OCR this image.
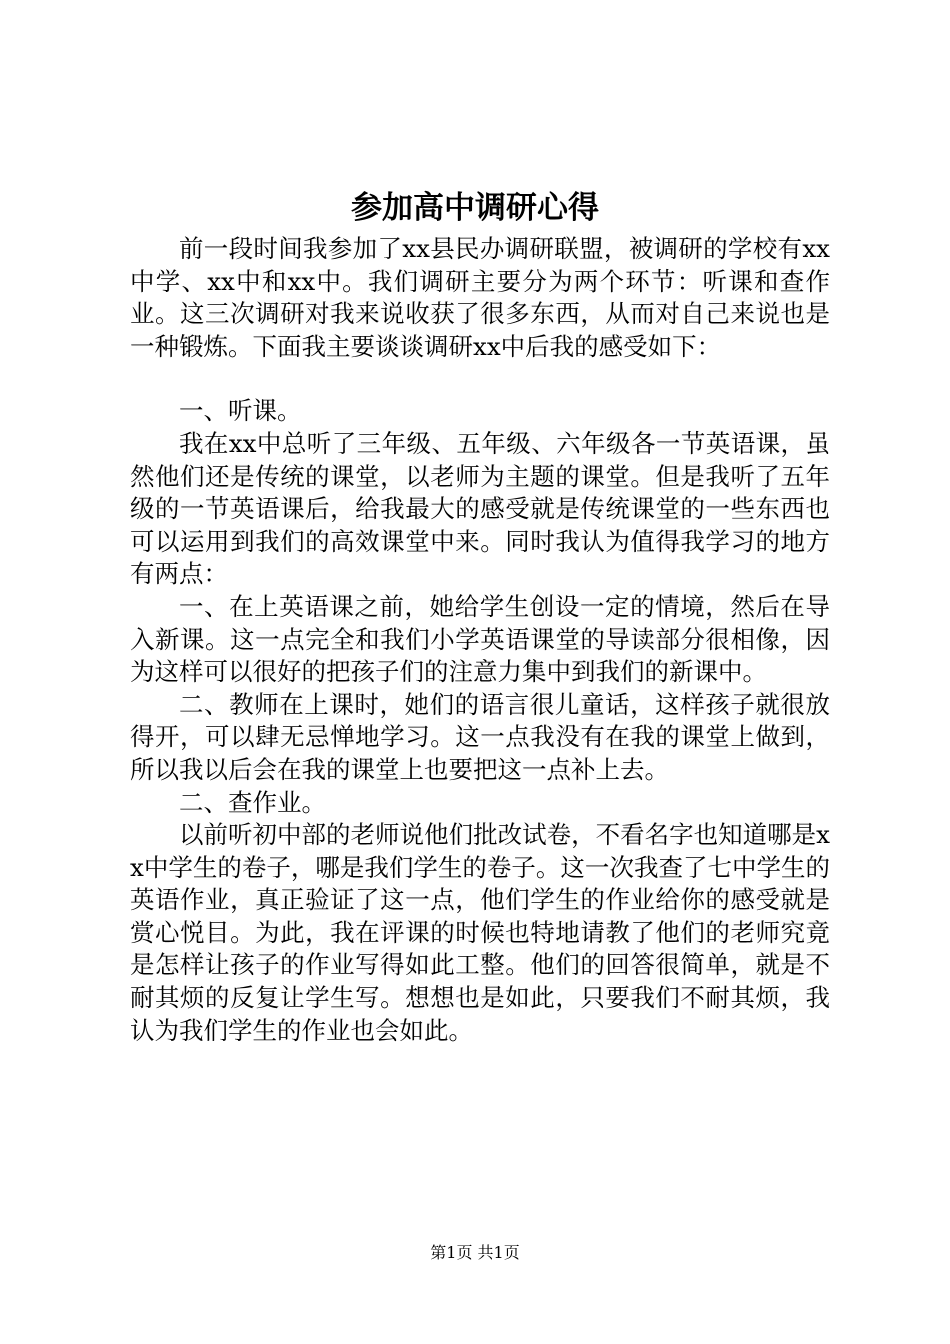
参加高中调研心得

前一段时间我参加了xx县民办调研联盟，被调研的学校有xx中学、xx中和xx中。我们调研主要分为两个环节：听课和查作业。这三次调研对我来说收获了很多东西，从而对自己来说也是一种锻炼。下面我主要谈谈调研xx中后我的感受如下：

一、听课。

我在xx中总听了三年级、五年级、六年级各一节英语课，虽然他们还是传统的课堂，以老师为主题的课堂。但是我听了五年级的一节英语课后，给我最大的感受就是传统课堂的一些东西也可以运用到我们的高效课堂中来。同时我认为值得我学习的地方有两点：

一、在上英语课之前，她给学生创设一定的情境，然后在导入新课。这一点完全和我们小学英语课堂的导读部分很相像，因为这样可以很好的把孩子们的注意力集中到我们的新课中。

二、教师在上课时，她们的语言很儿童话，这样孩子就很放得开，可以肆无忌惮地学习。这一点我没有在我的课堂上做到，所以我以后会在我的课堂上也要把这一点补上去。

二、查作业。

以前听初中部的老师说他们批改试卷，不看名字也知道哪是xx中学生的卷子，哪是我们学生的卷子。这一次我查了七中学生的英语作业，真正验证了这一点，他们学生的作业给你的感受就是赏心悦目。为此，我在评课的时候也特地请教了他们的老师究竟是怎样让孩子的作业写得如此工整。他们的回答很简单，就是不耐其烦的反复让学生写。想想也是如此，只要我们不耐其烦，我认为我们学生的作业也会如此。

第1页 共1页
